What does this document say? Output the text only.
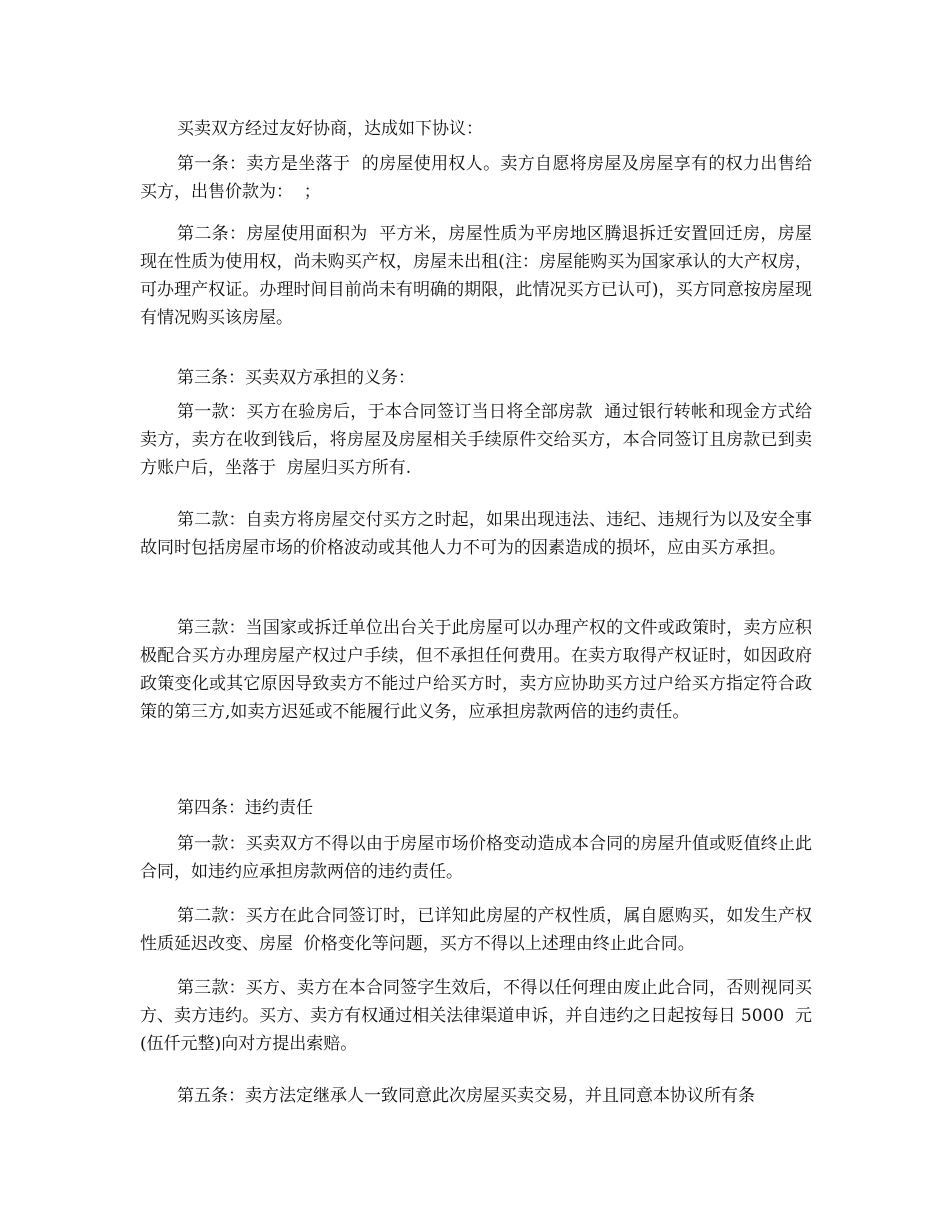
买卖双方经过友好协商，达成如下协议：

第一条：卖方是坐落于  的房屋使用权人。卖方自愿将房屋及房屋享有的权力出售给买方，出售价款为：  ；

第二条：房屋使用面积为  平方米，房屋性质为平房地区腾退拆迁安置回迁房，房屋现在性质为使用权，尚未购买产权，房屋未出租(注：房屋能购买为国家承认的大产权房，可办理产权证。办理时间目前尚未有明确的期限，此情况买方已认可)，买方同意按房屋现有情况购买该房屋。

第三条：买卖双方承担的义务：

第一款：买方在验房后，于本合同签订当日将全部房款  通过银行转帐和现金方式给卖方，卖方在收到钱后，将房屋及房屋相关手续原件交给买方，本合同签订且房款已到卖方账户后，坐落于  房屋归买方所有.

第二款：自卖方将房屋交付买方之时起，如果出现违法、违纪、违规行为以及安全事故同时包括房屋市场的价格波动或其他人力不可为的因素造成的损坏，应由买方承担。

第三款：当国家或拆迁单位出台关于此房屋可以办理产权的文件或政策时，卖方应积极配合买方办理房屋产权过户手续，但不承担任何费用。在卖方取得产权证时，如因政府政策变化或其它原因导致卖方不能过户给买方时，卖方应协助买方过户给买方指定符合政策的第三方,如卖方迟延或不能履行此义务，应承担房款两倍的违约责任。

第四条：违约责任

第一款：买卖双方不得以由于房屋市场价格变动造成本合同的房屋升值或贬值终止此合同，如违约应承担房款两倍的违约责任。

第二款：买方在此合同签订时，已详知此房屋的产权性质，属自愿购买，如发生产权性质延迟改变、房屋  价格变化等问题，买方不得以上述理由终止此合同。

第三款：买方、卖方在本合同签字生效后，不得以任何理由废止此合同，否则视同买方、卖方违约。买方、卖方有权通过相关法律渠道申诉，并自违约之日起按每日 5000  元(伍仟元整)向对方提出索赔。

第五条：卖方法定继承人一致同意此次房屋买卖交易，并且同意本协议所有条
